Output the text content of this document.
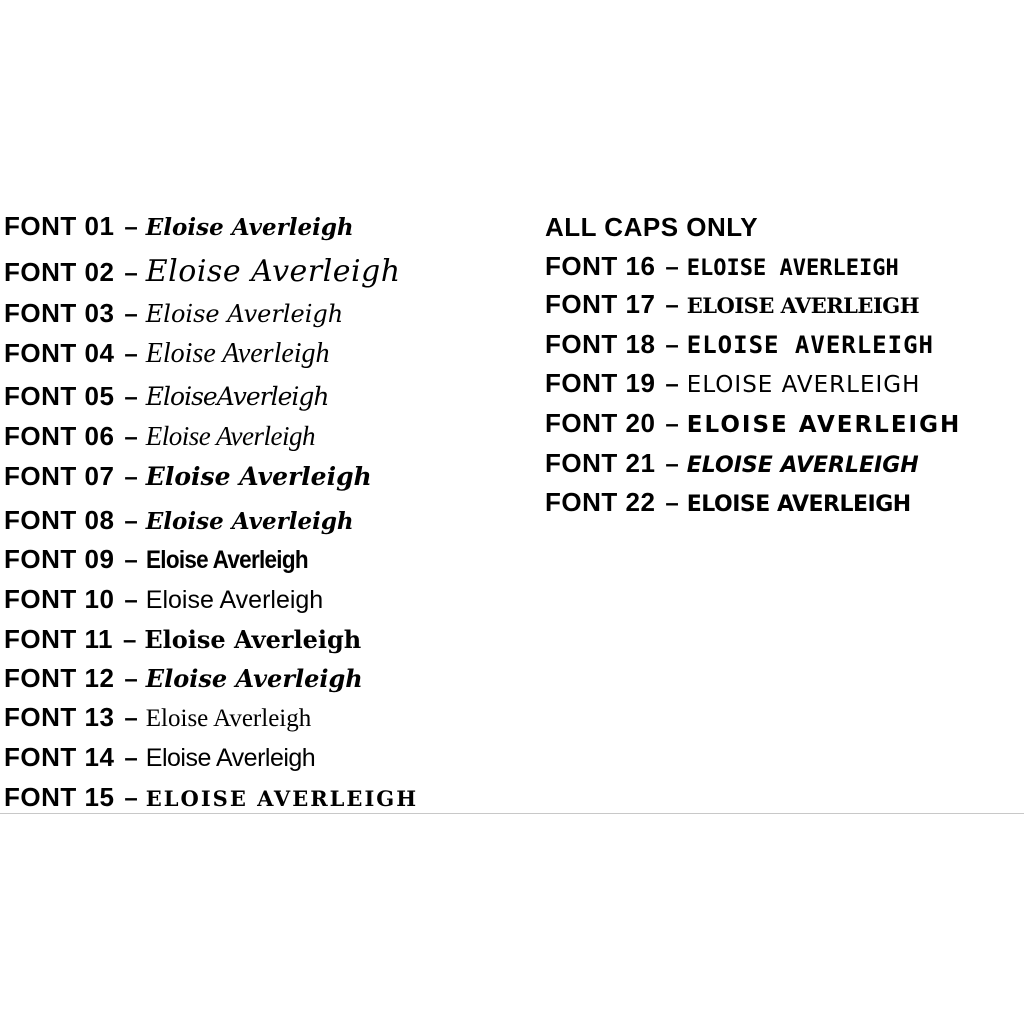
FONT 01 – Eloise Averleigh
FONT 02 – Eloise Averleigh
FONT 03 – Eloise Averleigh
FONT 04 – Eloise Averleigh
FONT 05 – EloiseAverleigh
FONT 06 – Eloise Averleigh
FONT 07 – Eloise Averleigh
FONT 08 – Eloise Averleigh
FONT 09 – Eloise Averleigh
FONT 10 – Eloise Averleigh
FONT 11 – Eloise Averleigh
FONT 12 – Eloise Averleigh
FONT 13 – Eloise Averleigh
FONT 14 – Eloise Averleigh
FONT 15 – ELOISE AVERLEIGH
ALL CAPS ONLY
FONT 16 – ELOISE AVERLEIGH
FONT 17 – ELOISE AVERLEIGH
FONT 18 – ELOISE AVERLEIGH
FONT 19 – ELOISE AVERLEIGH
FONT 20 – ELOISE AVERLEIGH
FONT 21 – ELOISE AVERLEIGH
FONT 22 – ELOISE AVERLEIGH
